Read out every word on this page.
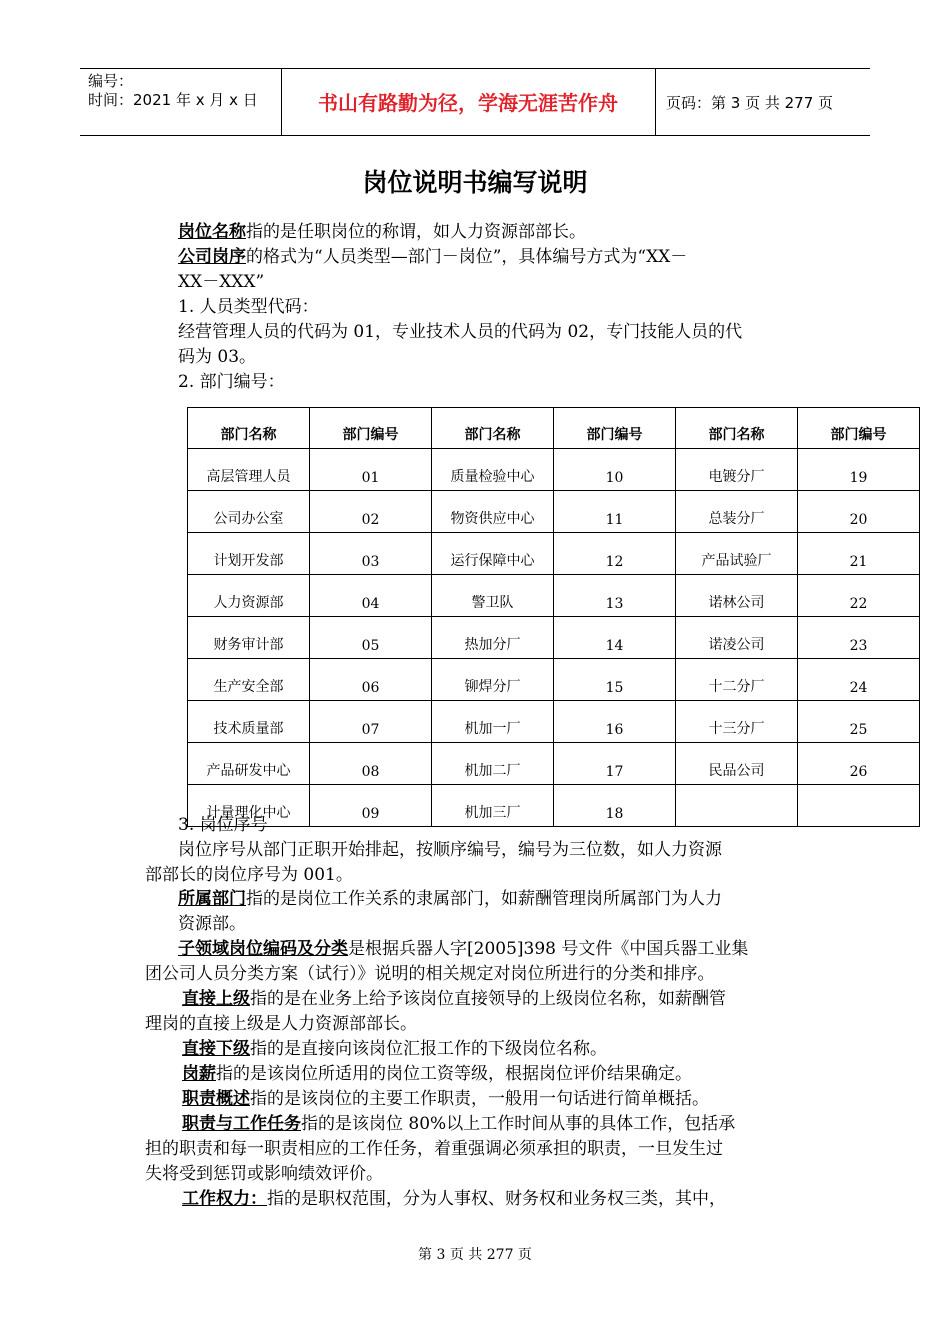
编号：
时间：2021 年 x 月 x 日	书山有路勤为径，学海无涯苦作舟	页码：第 3 页 共 277 页
岗位说明书编写说明
岗位名称指的是任职岗位的称谓，如人力资源部部长。
公司岗序的格式为“人员类型—部门－岗位”，具体编号方式为“XX－
XX－XXX”
1. 人员类型代码：
经营管理人员的代码为 01，专业技术人员的代码为 02，专门技能人员的代
码为 03。
2. 部门编号：
部门名称	部门编号	部门名称	部门编号	部门名称	部门编号
高层管理人员	01	质量检验中心	10	电镀分厂	19
公司办公室	02	物资供应中心	11	总装分厂	20
计划开发部	03	运行保障中心	12	产品试验厂	21
人力资源部	04	警卫队	13	诺林公司	22
财务审计部	05	热加分厂	14	诺凌公司	23
生产安全部	06	铆焊分厂	15	十二分厂	24
技术质量部	07	机加一厂	16	十三分厂	25
产品研发中心	08	机加二厂	17	民品公司	26
计量理化中心	09	机加三厂	18		
3. 岗位序号
岗位序号从部门正职开始排起，按顺序编号，编号为三位数，如人力资源
部部长的岗位序号为 001。
所属部门指的是岗位工作关系的隶属部门，如薪酬管理岗所属部门为人力
资源部。
子领域岗位编码及分类是根据兵器人字[2005]398 号文件《中国兵器工业集
团公司人员分类方案（试行）》说明的相关规定对岗位所进行的分类和排序。
直接上级指的是在业务上给予该岗位直接领导的上级岗位名称，如薪酬管
理岗的直接上级是人力资源部部长。
直接下级指的是直接向该岗位汇报工作的下级岗位名称。
岗薪指的是该岗位所适用的岗位工资等级，根据岗位评价结果确定。
职责概述指的是该岗位的主要工作职责，一般用一句话进行简单概括。
职责与工作任务指的是该岗位 80%以上工作时间从事的具体工作，包括承
担的职责和每一职责相应的工作任务，着重强调必须承担的职责，一旦发生过
失将受到惩罚或影响绩效评价。
工作权力：指的是职权范围，分为人事权、财务权和业务权三类，其中，
第 3 页 共 277 页
